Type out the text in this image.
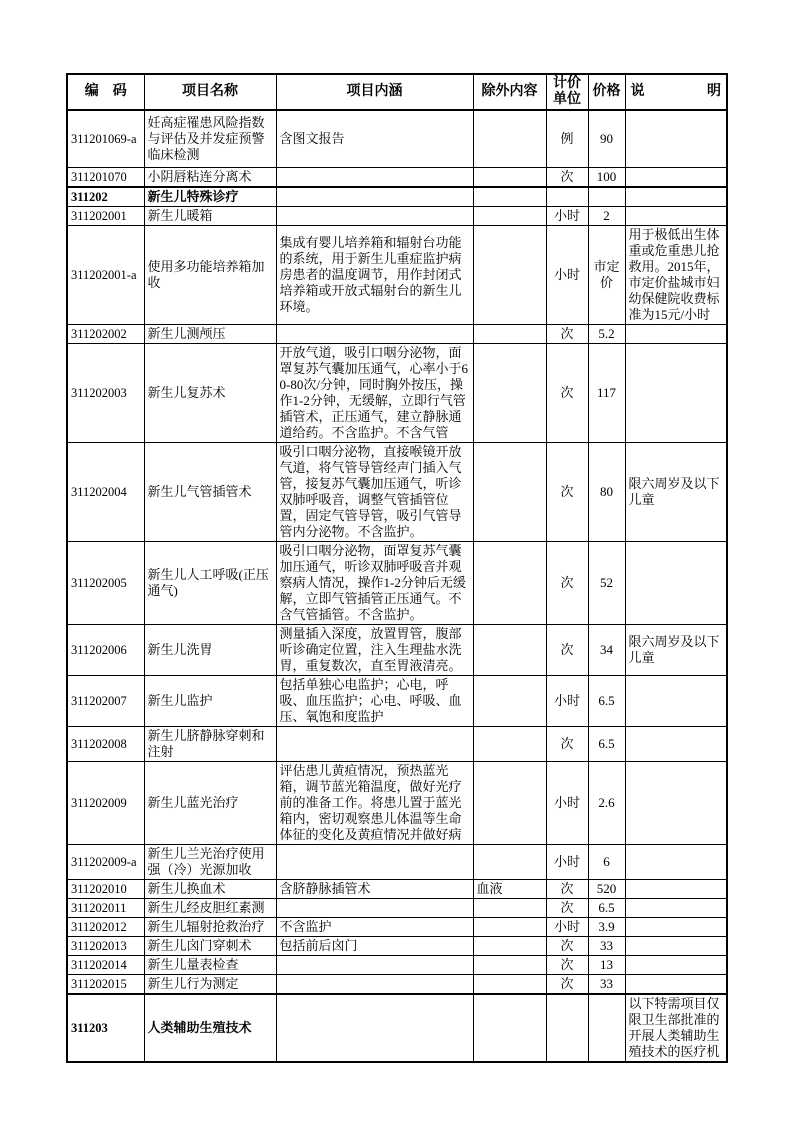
编　码	项目名称	项目内涵	除外内容	计价单位	价格	说明
311201069-a	妊高症罹患风险指数与评估及并发症预警临床检测	含图文报告		例	90	
311201070	小阴唇粘连分离术			次	100	
311202	新生儿特殊诊疗					
311202001	新生儿暖箱			小时	2	
311202001-a	使用多功能培养箱加收	集成有婴儿培养箱和辐射台功能的系统，用于新生儿重症监护病房患者的温度调节，用作封闭式培养箱或开放式辐射台的新生儿环境。		小时	市定价	用于极低出生体重或危重患儿抢救用。2015年，市定价盐城市妇幼保健院收费标准为15元/小时
311202002	新生儿测颅压			次	5.2	
311202003	新生儿复苏术	开放气道，吸引口咽分泌物，面罩复苏气囊加压通气，心率小于60-80次/分钟，同时胸外按压，操作1-2分钟，无缓解，立即行气管插管术，正压通气，建立静脉通道给药。不含监护。不含气管		次	117	
311202004	新生儿气管插管术	吸引口咽分泌物，直接喉镜开放气道，将气管导管经声门插入气管，接复苏气囊加压通气，听诊双肺呼吸音，调整气管插管位置，固定气管导管，吸引气管导管内分泌物。不含监护。		次	80	限六周岁及以下儿童
311202005	新生儿人工呼吸(正压通气)	吸引口咽分泌物，面罩复苏气囊加压通气，听诊双肺呼吸音并观察病人情况，操作1-2分钟后无缓解，立即气管插管正压通气。不含气管插管。不含监护。		次	52	
311202006	新生儿洗胃	测量插入深度，放置胃管，腹部听诊确定位置，注入生理盐水洗胃，重复数次，直至胃液清亮。		次	34	限六周岁及以下儿童
311202007	新生儿监护	包括单独心电监护；心电，呼吸、血压监护；心电、呼吸、血压、氧饱和度监护		小时	6.5	
311202008	新生儿脐静脉穿刺和注射			次	6.5	
311202009	新生儿蓝光治疗	评估患儿黄疸情况，预热蓝光箱，调节蓝光箱温度，做好光疗前的准备工作。将患儿置于蓝光箱内，密切观察患儿体温等生命体征的变化及黄疸情况并做好病		小时	2.6	
311202009-a	新生儿兰光治疗使用强（冷）光源加收			小时	6	
311202010	新生儿换血术	含脐静脉插管术	血液	次	520	
311202011	新生儿经皮胆红素测			次	6.5	
311202012	新生儿辐射抢救治疗	不含监护		小时	3.9	
311202013	新生儿囟门穿刺术	包括前后囟门		次	33	
311202014	新生儿量表检查			次	13	
311202015	新生儿行为测定			次	33	
311203	人类辅助生殖技术					以下特需项目仅限卫生部批准的开展人类辅助生殖技术的医疗机
